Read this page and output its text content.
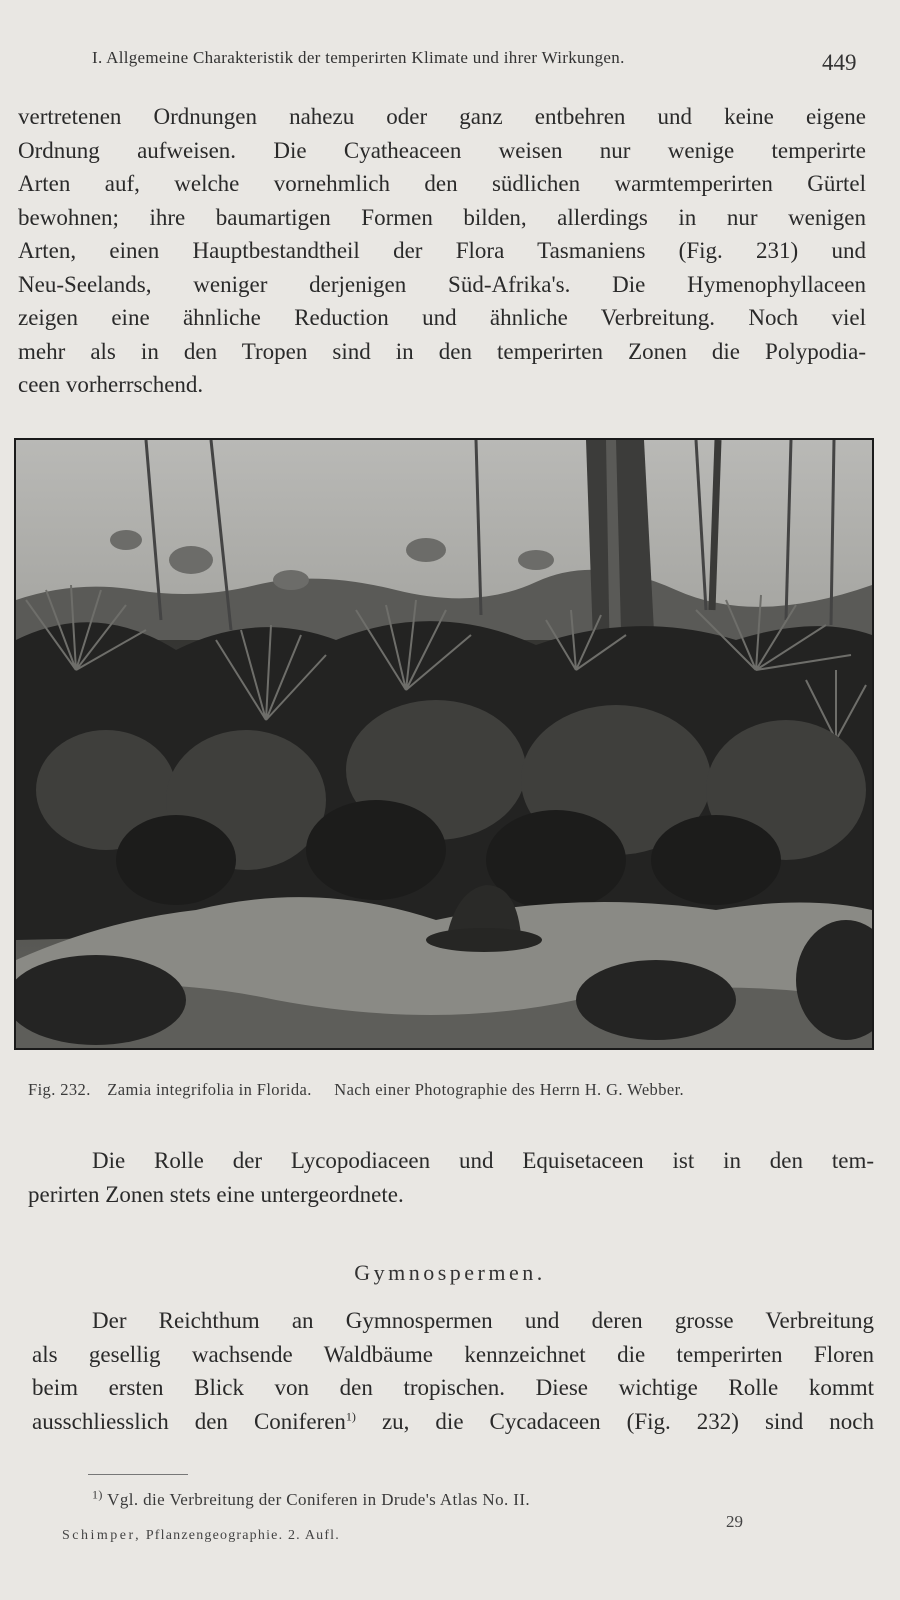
I. Allgemeine Charakteristik der temperirten Klimate und ihrer Wirkungen.	449
vertretenen Ordnungen nahezu oder ganz entbehren und keine eigene
Ordnung aufweisen. Die Cyatheaceen weisen nur wenige temperirte
Arten auf, welche vornehmlich den südlichen warmtemperirten Gürtel
bewohnen; ihre baumartigen Formen bilden, allerdings in nur wenigen
Arten, einen Hauptbestandtheil der Flora Tasmaniens (Fig. 231) und
Neu-Seelands, weniger derjenigen Süd-Afrika's. Die Hymenophyllaceen
zeigen eine ähnliche Reduction und ähnliche Verbreitung. Noch viel
mehr als in den Tropen sind in den temperirten Zonen die Polypodia-
ceen vorherrschend.
Fig. 232. Zamia integrifolia in Florida. Nach einer Photographie des Herrn H. G. Webber.
Die Rolle der Lycopodiaceen und Equisetaceen ist in den tem-
perirten Zonen stets eine untergeordnete.
Gymnospermen.
Der Reichthum an Gymnospermen und deren grosse Verbreitung
als gesellig wachsende Waldbäume kennzeichnet die temperirten Floren
beim ersten Blick von den tropischen. Diese wichtige Rolle kommt
ausschliesslich den Coniferen$^{1)}$ zu, die Cycadaceen (Fig. 232) sind noch
$^{1)}$ Vgl. die Verbreitung der Coniferen in Drude's Atlas No. II.
Schimper, Pflanzengeographie. 2. Aufl.
29
